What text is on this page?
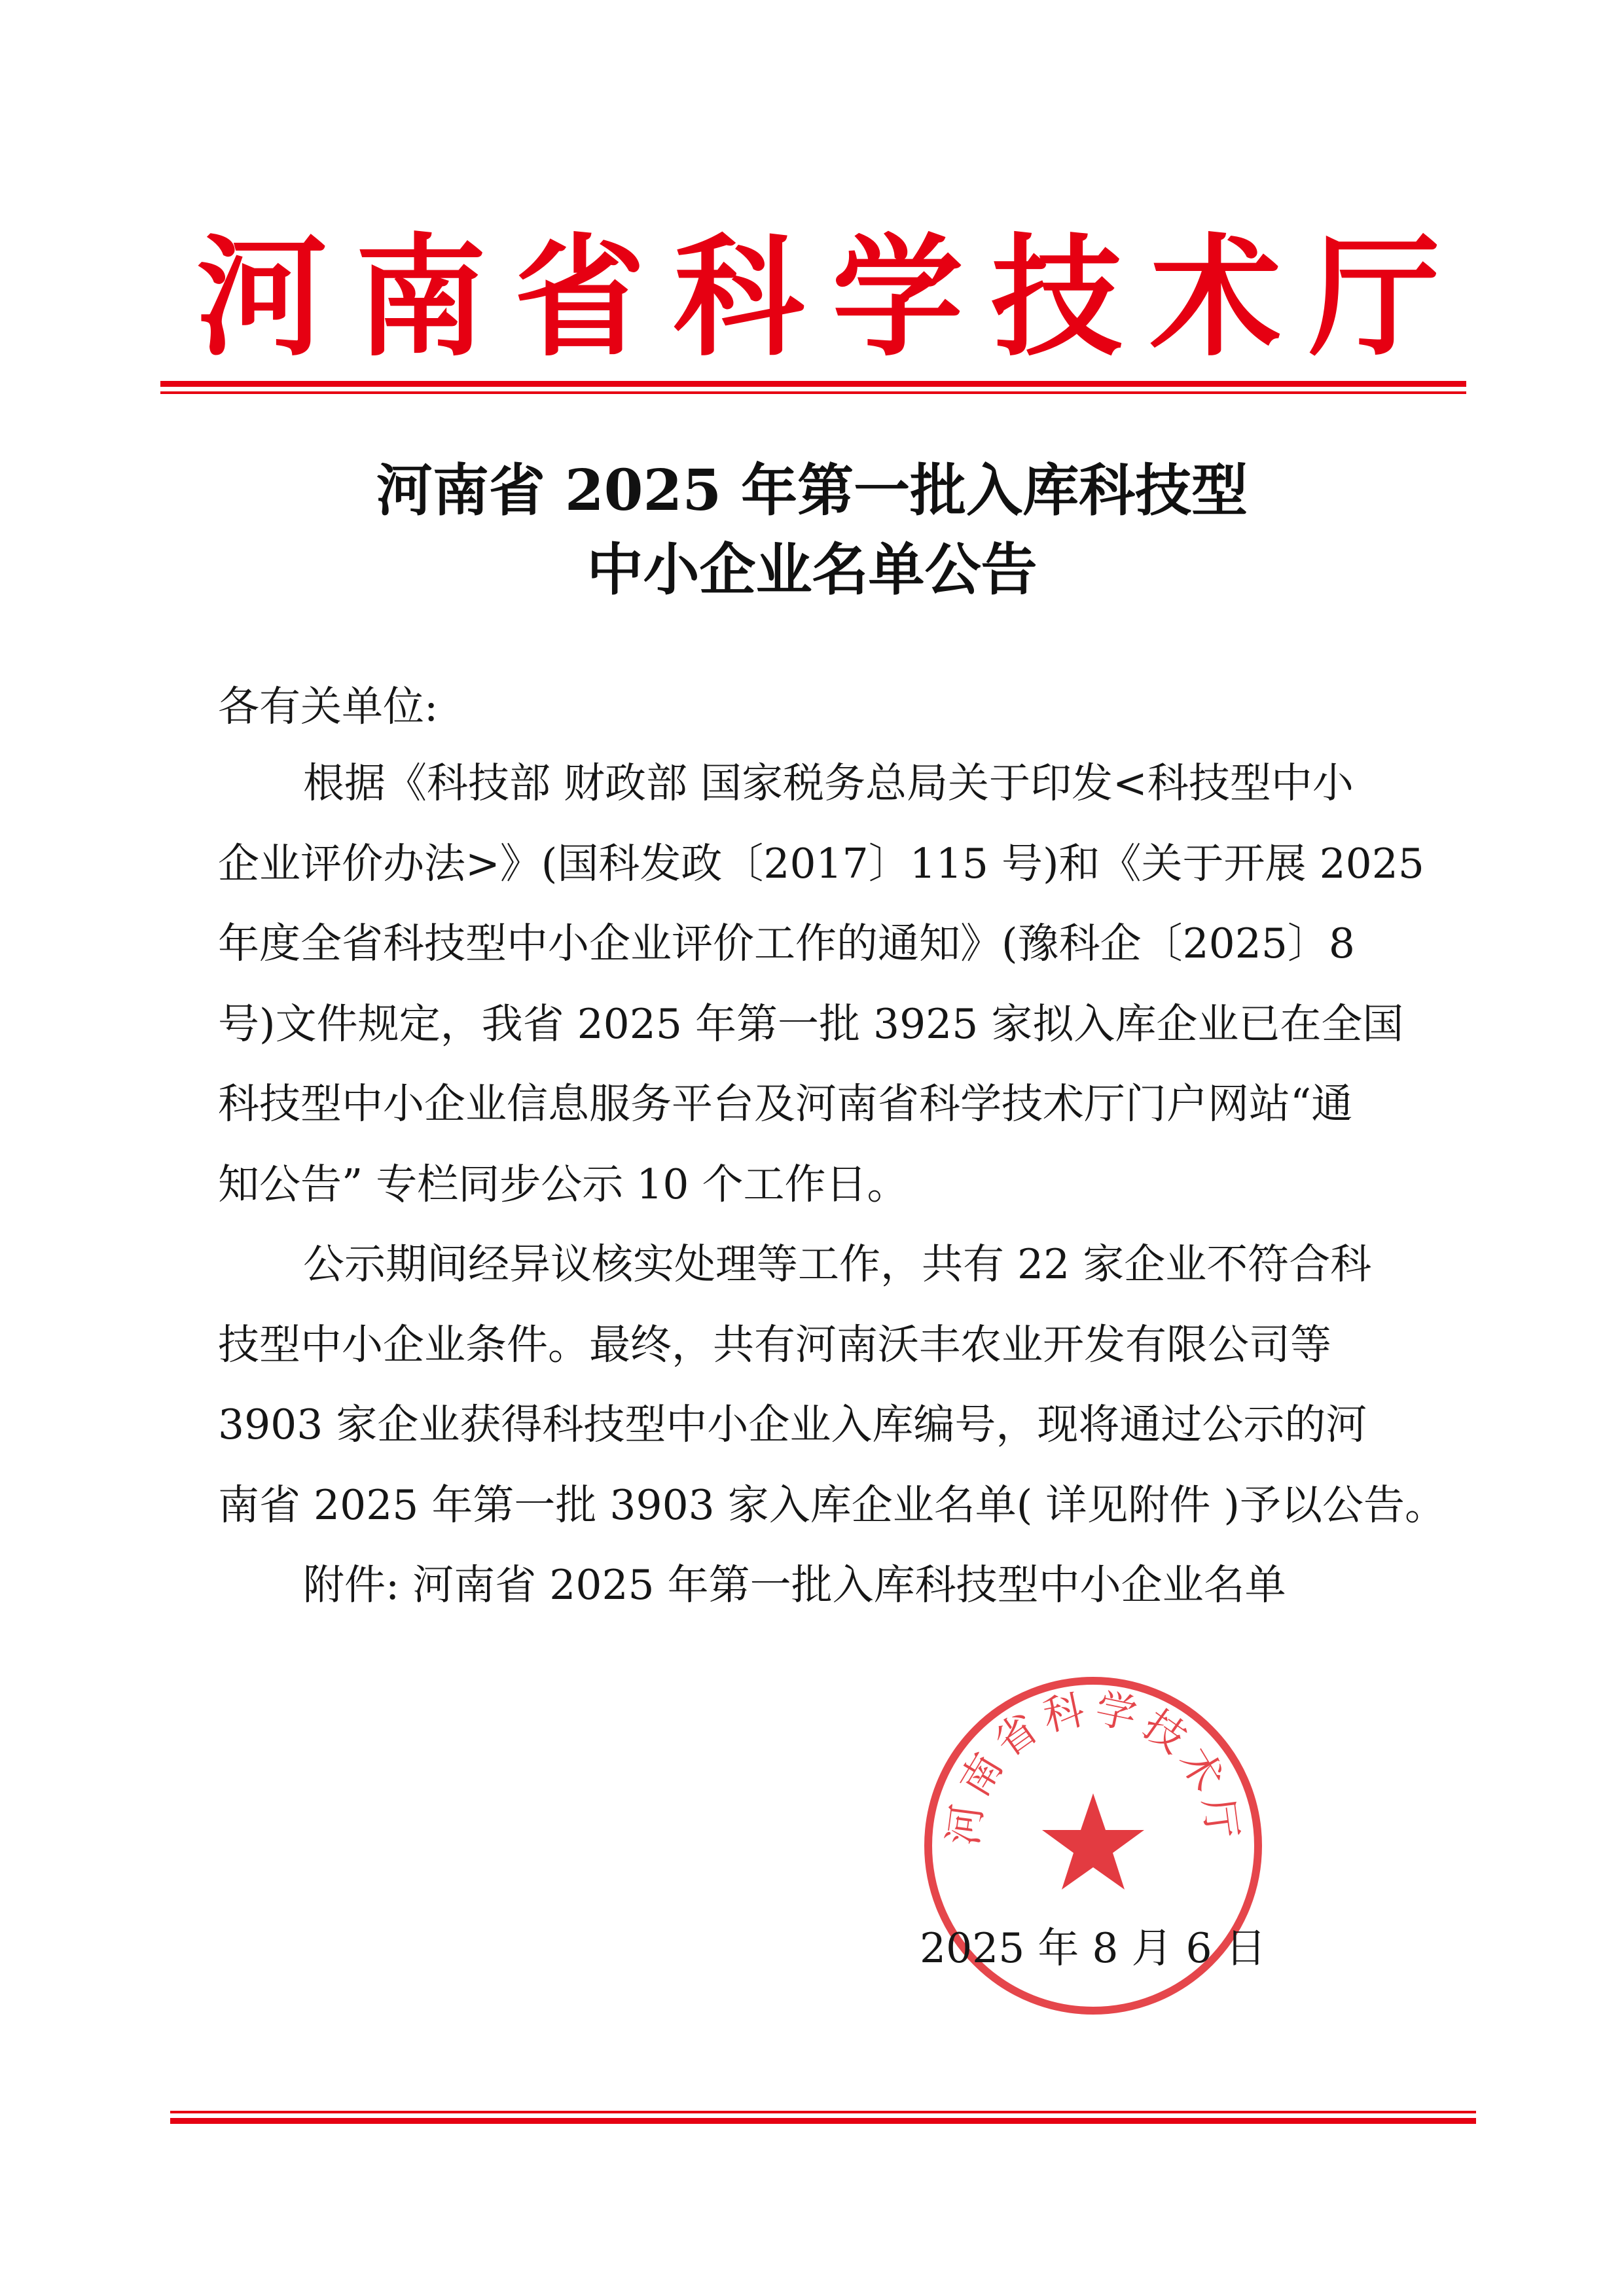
河 南 省 科 学 技 术 厅
河南省 2025 年第一批入库科技型
中小企业名单公告
各有关单位:
根据《科技部 财政部 国家税务总局关于印发<科技型中小
企业评价办法>》(国科发政〔2017〕115 号)和《关于开展 2025
年度全省科技型中小企业评价工作的通知》(豫科企〔2025〕8
号)文件规定，我省 2025 年第一批 3925 家拟入库企业已在全国
科技型中小企业信息服务平台及河南省科学技术厅门户网站“通
知公告” 专栏同步公示 10 个工作日。
公示期间经异议核实处理等工作，共有 22 家企业不符合科
技型中小企业条件。最终，共有河南沃丰农业开发有限公司等
3903 家企业获得科技型中小企业入库编号，现将通过公示的河
南省 2025 年第一批 3903 家入库企业名单( 详见附件 )予以公告。
附件: 河南省 2025 年第一批入库科技型中小企业名单
河南省科学技术厅
2025 年 8 月 6 日
